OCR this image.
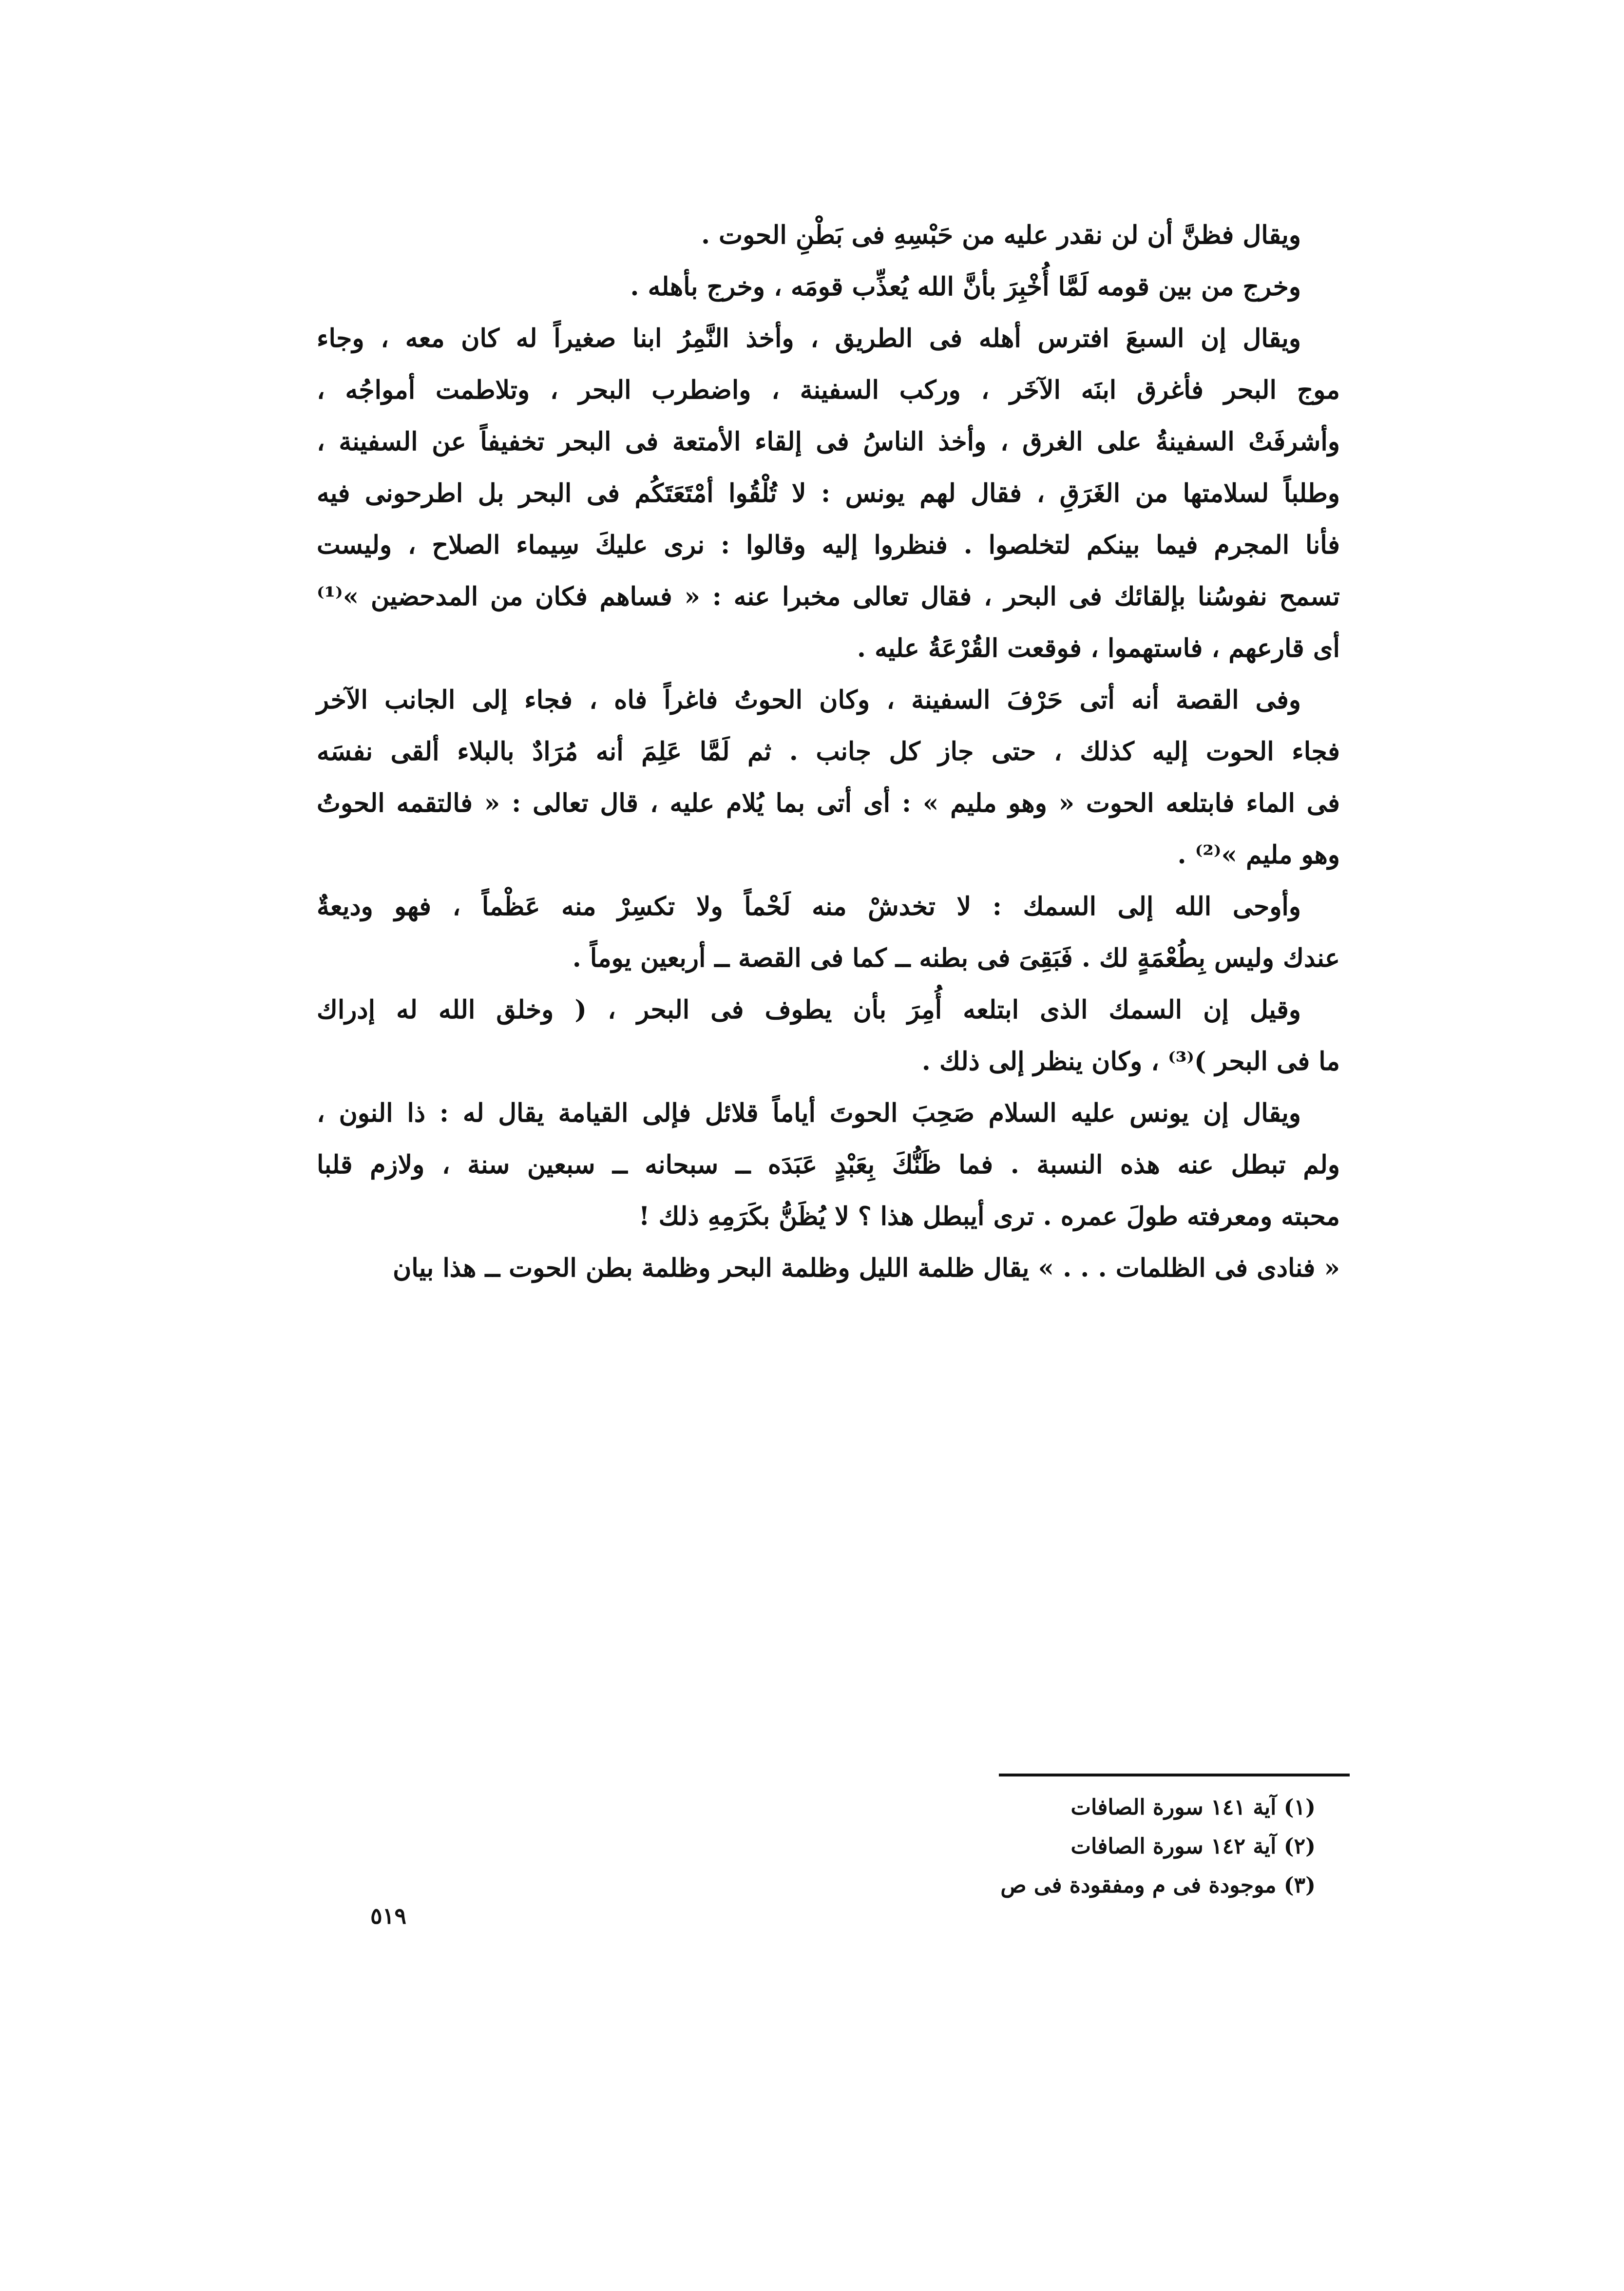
ويقال فظنَّ أن لن نقدر عليه من حَبْسِهِ فى بَطْنِ الحوت .
وخرج من بين قومه لَمَّا أُخْبِرَ بأنَّ الله يُعذِّب قومَه ، وخرج بأهله .
ويقال إن السبعَ افترس أهله فى الطريق ، وأخذ النَّمِرُ ابنا صغيراً له كان معه ، وجاء
موج البحر فأغرق ابنَه الآخَر ، وركب السفينة ، واضطرب البحر ، وتلاطمت أمواجُه ،
وأشرفَتْ السفينةُ على الغرق ، وأخذ الناسُ فى إلقاء الأمتعة فى البحر تخفيفاً عن السفينة ،
وطلباً لسلامتها من الغَرَقِ ، فقال لهم يونس : لا تُلْقُوا أمْتَعَتَكُم فى البحر بل اطرحونى فيه
فأنا المجرم فيما بينكم لتخلصوا . فنظروا إليه وقالوا : نرى عليكَ سِيماء الصلاح ، وليست
تسمح نفوسُنا بإلقائك فى البحر ، فقال تعالى مخبرا عنه : « فساهم فكان من المدحضين »⁽¹⁾
أى قارعهم ، فاستهموا ، فوقعت القُرْعَةُ عليه .
وفى القصة أنه أتى حَرْفَ السفينة ، وكان الحوتُ فاغراً فاه ، فجاء إلى الجانب الآخر
فجاء الحوت إليه كذلك ، حتى جاز كل جانب . ثم لَمَّا عَلِمَ أنه مُرَادٌ بالبلاء ألقى نفسَه
فى الماء فابتلعه الحوت « وهو مليم » : أى أتى بما يُلام عليه ، قال تعالى : « فالتقمه الحوتُ
وهو مليم »⁽²⁾ .
وأوحى الله إلى السمك : لا تخدشْ منه لَحْماً ولا تكسِرْ منه عَظْماً ، فهو وديعةٌ
عندك وليس بِطُعْمَةٍ لك . فَبَقِىَ فى بطنه ــ كما فى القصة ــ أربعين يوماً .
وقيل إن السمك الذى ابتلعه أُمِرَ بأن يطوف فى البحر ، ( وخلق الله له إدراك
ما فى البحر )⁽³⁾ ، وكان ينظر إلى ذلك .
ويقال إن يونس عليه السلام صَحِبَ الحوتَ أياماً قلائل فإلى القيامة يقال له : ذا النون ،
ولم تبطل عنه هذه النسبة . فما ظَنُّكَ بِعَبْدٍ عَبَدَه ــ سبحانه ــ سبعين سنة ، ولازم قلبا
محبته ومعرفته طولَ عمره . ترى أيبطل هذا ؟ لا يُظَنُّ بكَرَمِهِ ذلك !
« فنادى فى الظلمات . . . » يقال ظلمة الليل وظلمة البحر وظلمة بطن الحوت ــ هذا بيان
(١) آية ١٤١ سورة الصافات
(٢) آية ١٤٢ سورة الصافات
(٣) موجودة فى م ومفقودة فى ص
٥١٩
